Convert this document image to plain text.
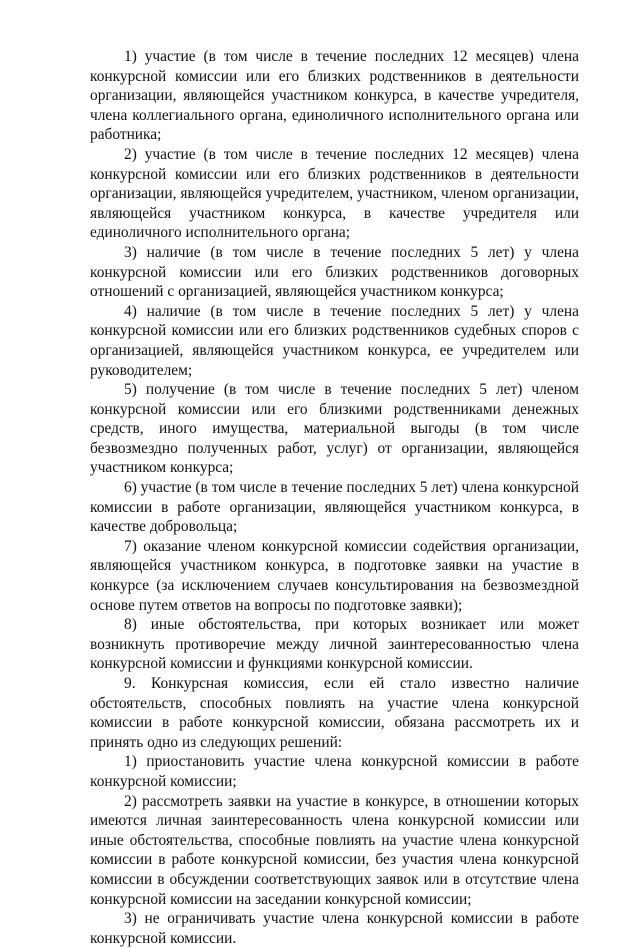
1) участие (в том числе в течение последних 12 месяцев) члена конкурсной комиссии или его близких родственников в деятельности организации, являющейся участником конкурса, в качестве учредителя, члена коллегиального органа, единоличного исполнительного органа или работника;

2) участие (в том числе в течение последних 12 месяцев) члена конкурсной комиссии или его близких родственников в деятельности организации, являющейся учредителем, участником, членом организации, являющейся участником конкурса, в качестве учредителя или единоличного исполнительного органа;

3) наличие (в том числе в течение последних 5 лет) у члена конкурсной комиссии или его близких родственников договорных отношений с организацией, являющейся участником конкурса;

4) наличие (в том числе в течение последних 5 лет) у члена конкурсной комиссии или его близких родственников судебных споров с организацией, являющейся участником конкурса, ее учредителем или руководителем;

5) получение (в том числе в течение последних 5 лет) членом конкурсной комиссии или его близкими родственниками денежных средств, иного имущества, материальной выгоды (в том числе безвозмездно полученных работ, услуг) от организации, являющейся участником конкурса;

6) участие (в том числе в течение последних 5 лет) члена конкурсной комиссии в работе организации, являющейся участником конкурса, в качестве добровольца;

7) оказание членом конкурсной комиссии содействия организации, являющейся участником конкурса, в подготовке заявки на участие в конкурсе (за исключением случаев консультирования на безвозмездной основе путем ответов на вопросы по подготовке заявки);

8) иные обстоятельства, при которых возникает или может возникнуть противоречие между личной заинтересованностью члена конкурсной комиссии и функциями конкурсной комиссии.

9. Конкурсная комиссия, если ей стало известно наличие обстоятельств, способных повлиять на участие члена конкурсной комиссии в работе конкурсной комиссии, обязана рассмотреть их и принять одно из следующих решений:

1) приостановить участие члена конкурсной комиссии в работе конкурсной комиссии;

2) рассмотреть заявки на участие в конкурсе, в отношении которых имеются личная заинтересованность члена конкурсной комиссии или иные обстоятельства, способные повлиять на участие члена конкурсной комиссии в работе конкурсной комиссии, без участия члена конкурсной комиссии в обсуждении соответствующих заявок или в отсутствие члена конкурсной комиссии на заседании конкурсной комиссии;

3) не ограничивать участие члена конкурсной комиссии в работе конкурсной комиссии.
